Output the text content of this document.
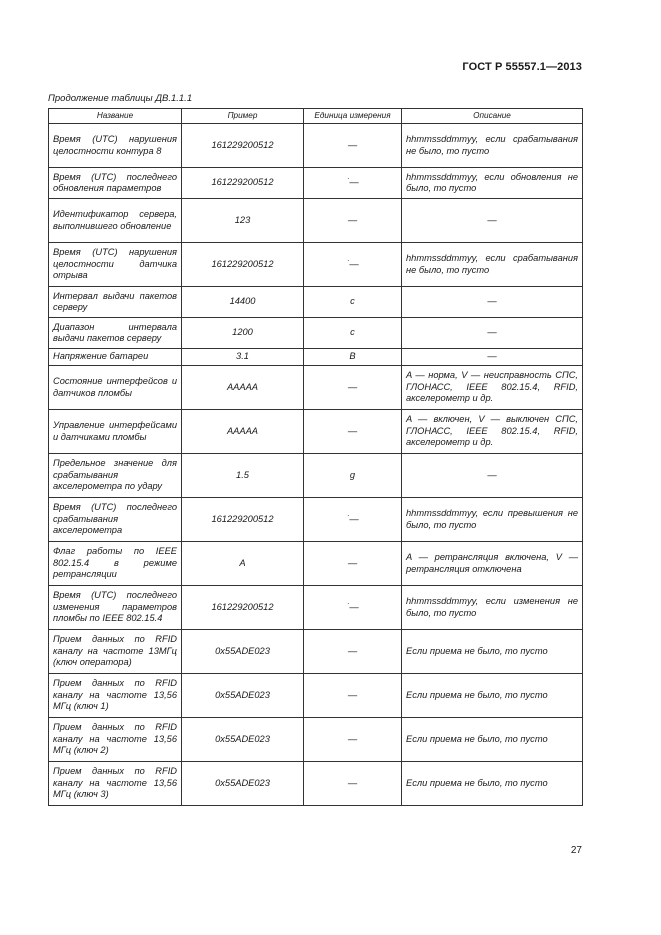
ГОСТ Р 55557.1—2013
Продолжение таблицы ДВ.1.1.1
Название	Пример	Единица измерения	Описание
Время (UTC) нарушения целостности контура 8	161229200512	—	hhmmssddmmyy, если срабатывания не было, то пусто
Время (UTC) последнего обновления параметров	161229200512	˙—	hhmmssddmmyy, если обновления не было, то пусто
Идентификатор сервера, выполнившего обновление	123	—	—
Время (UTC) нарушения целостности датчика отрыва	161229200512	˙—	hhmmssddmmyy, если срабатывания не было, то пусто
Интервал выдачи пакетов серверу	14400	с	—
Диапазон интервала выдачи пакетов серверу	1200	с	—
Напряжение батареи	3.1	В	—
Состояние интерфейсов и датчиков пломбы	AAAAA	—	A — норма, V — неисправность СПС, ГЛОНАСС, IEEE 802.15.4, RFID, акселерометр и др.
Управление интерфейсами и датчиками пломбы	AAAAA	—	A — включен, V — выключен СПС, ГЛОНАСС, IEEE 802.15.4, RFID, акселерометр и др.
Предельное значение для срабатывания акселерометра по удару	1.5	g	—
Время (UTC) последнего срабатывания акселерометра	161229200512	˙—	hhmmssddmmyy, если превышения не было, то пусто
Флаг работы по IEEE 802.15.4 в режиме ретрансляции	A	—	A — ретрансляция включена, V — ретрансляция отключена
Время (UTC) последнего изменения параметров пломбы по IEEE 802.15.4	161229200512	˙—	hhmmssddmmyy, если изменения не было, то пусто
Прием данных по RFID каналу на частоте 13МГц (ключ оператора)	0x55ADE023	—	Если приема не было, то пусто
Прием данных по RFID каналу на частоте 13,56 МГц (ключ 1)	0x55ADE023	—	Если приема не было, то пусто
Прием данных по RFID каналу на частоте 13,56 МГц (ключ 2)	0x55ADE023	—	Если приема не было, то пусто
Прием данных по RFID каналу на частоте 13,56 МГц (ключ 3)	0x55ADE023	—	Если приема не было, то пусто
27
